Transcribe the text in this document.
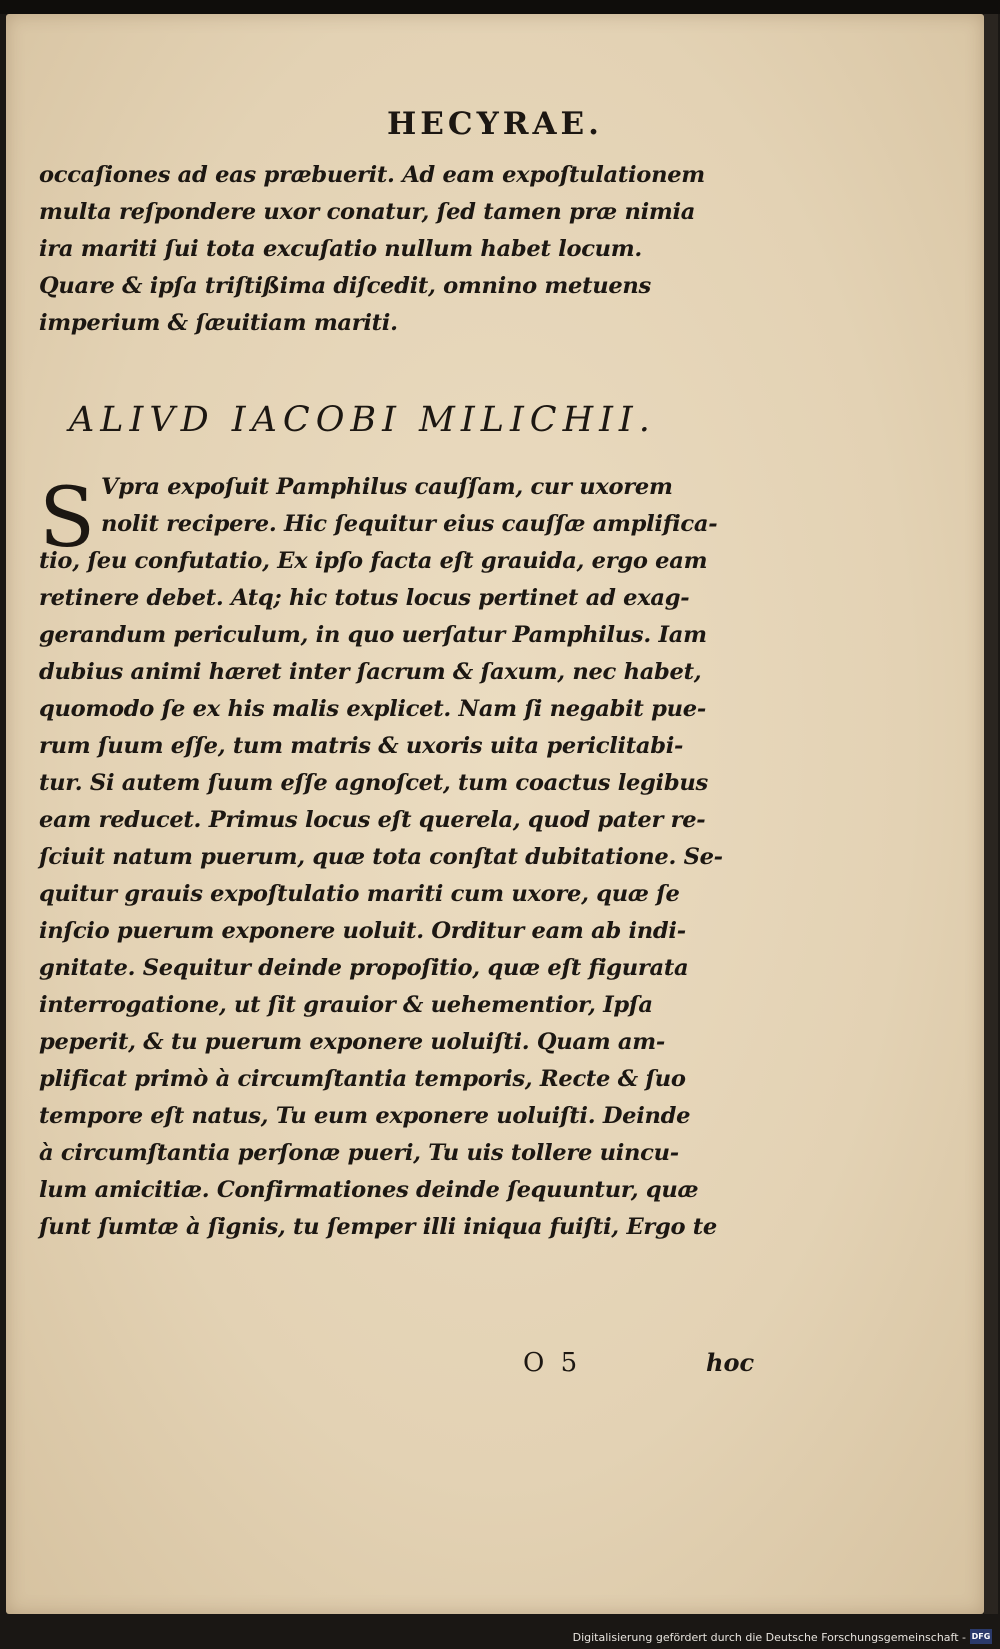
HECYRAE.
occaſiones ad eas præbuerit. Ad eam expoſtulationem
multa reſpondere uxor conatur, ſed tamen præ nimia
ira mariti ſui tota excuſatio nullum habet locum.
Quare & ipſa triſtißima diſcedit, omnino metuens
imperium & ſæuitiam mariti.
ALIVD IACOBI MILICHII.
S Vpra expoſuit Pamphilus cauſſam, cur uxorem
nolit recipere. Hic ſequitur eius cauſſæ amplifica-
tio, ſeu confutatio, Ex ipſo facta eſt grauida, ergo eam
retinere debet. Atq; hic totus locus pertinet ad exag-
gerandum periculum, in quo uerſatur Pamphilus. Iam
dubius animi hæret inter ſacrum & ſaxum, nec habet,
quomodo ſe ex his malis explicet. Nam ſi negabit pue-
rum ſuum eſſe, tum matris & uxoris uita periclitabi-
tur. Si autem ſuum eſſe agnoſcet, tum coactus legibus
eam reducet. Primus locus eſt querela, quod pater re-
ſciuit natum puerum, quæ tota conſtat dubitatione. Se-
quitur grauis expoſtulatio mariti cum uxore, quæ ſe
inſcio puerum exponere uoluit. Orditur eam ab indi-
gnitate. Sequitur deinde propoſitio, quæ eſt figurata
interrogatione, ut ſit grauior & uehementior, Ipſa
peperit, & tu puerum exponere uoluiſti. Quam am-
plificat primò à circumſtantia temporis, Recte & ſuo
tempore eſt natus, Tu eum exponere uoluiſti. Deinde
à circumſtantia perſonæ pueri, Tu uis tollere uincu-
lum amicitiæ. Confirmationes deinde ſequuntur, quæ
ſunt ſumtæ à ſignis, tu ſemper illi iniqua fuiſti, Ergo te
O 5	hoc
Digitalisierung gefördert durch die Deutsche Forschungsgemeinschaft - DFG
